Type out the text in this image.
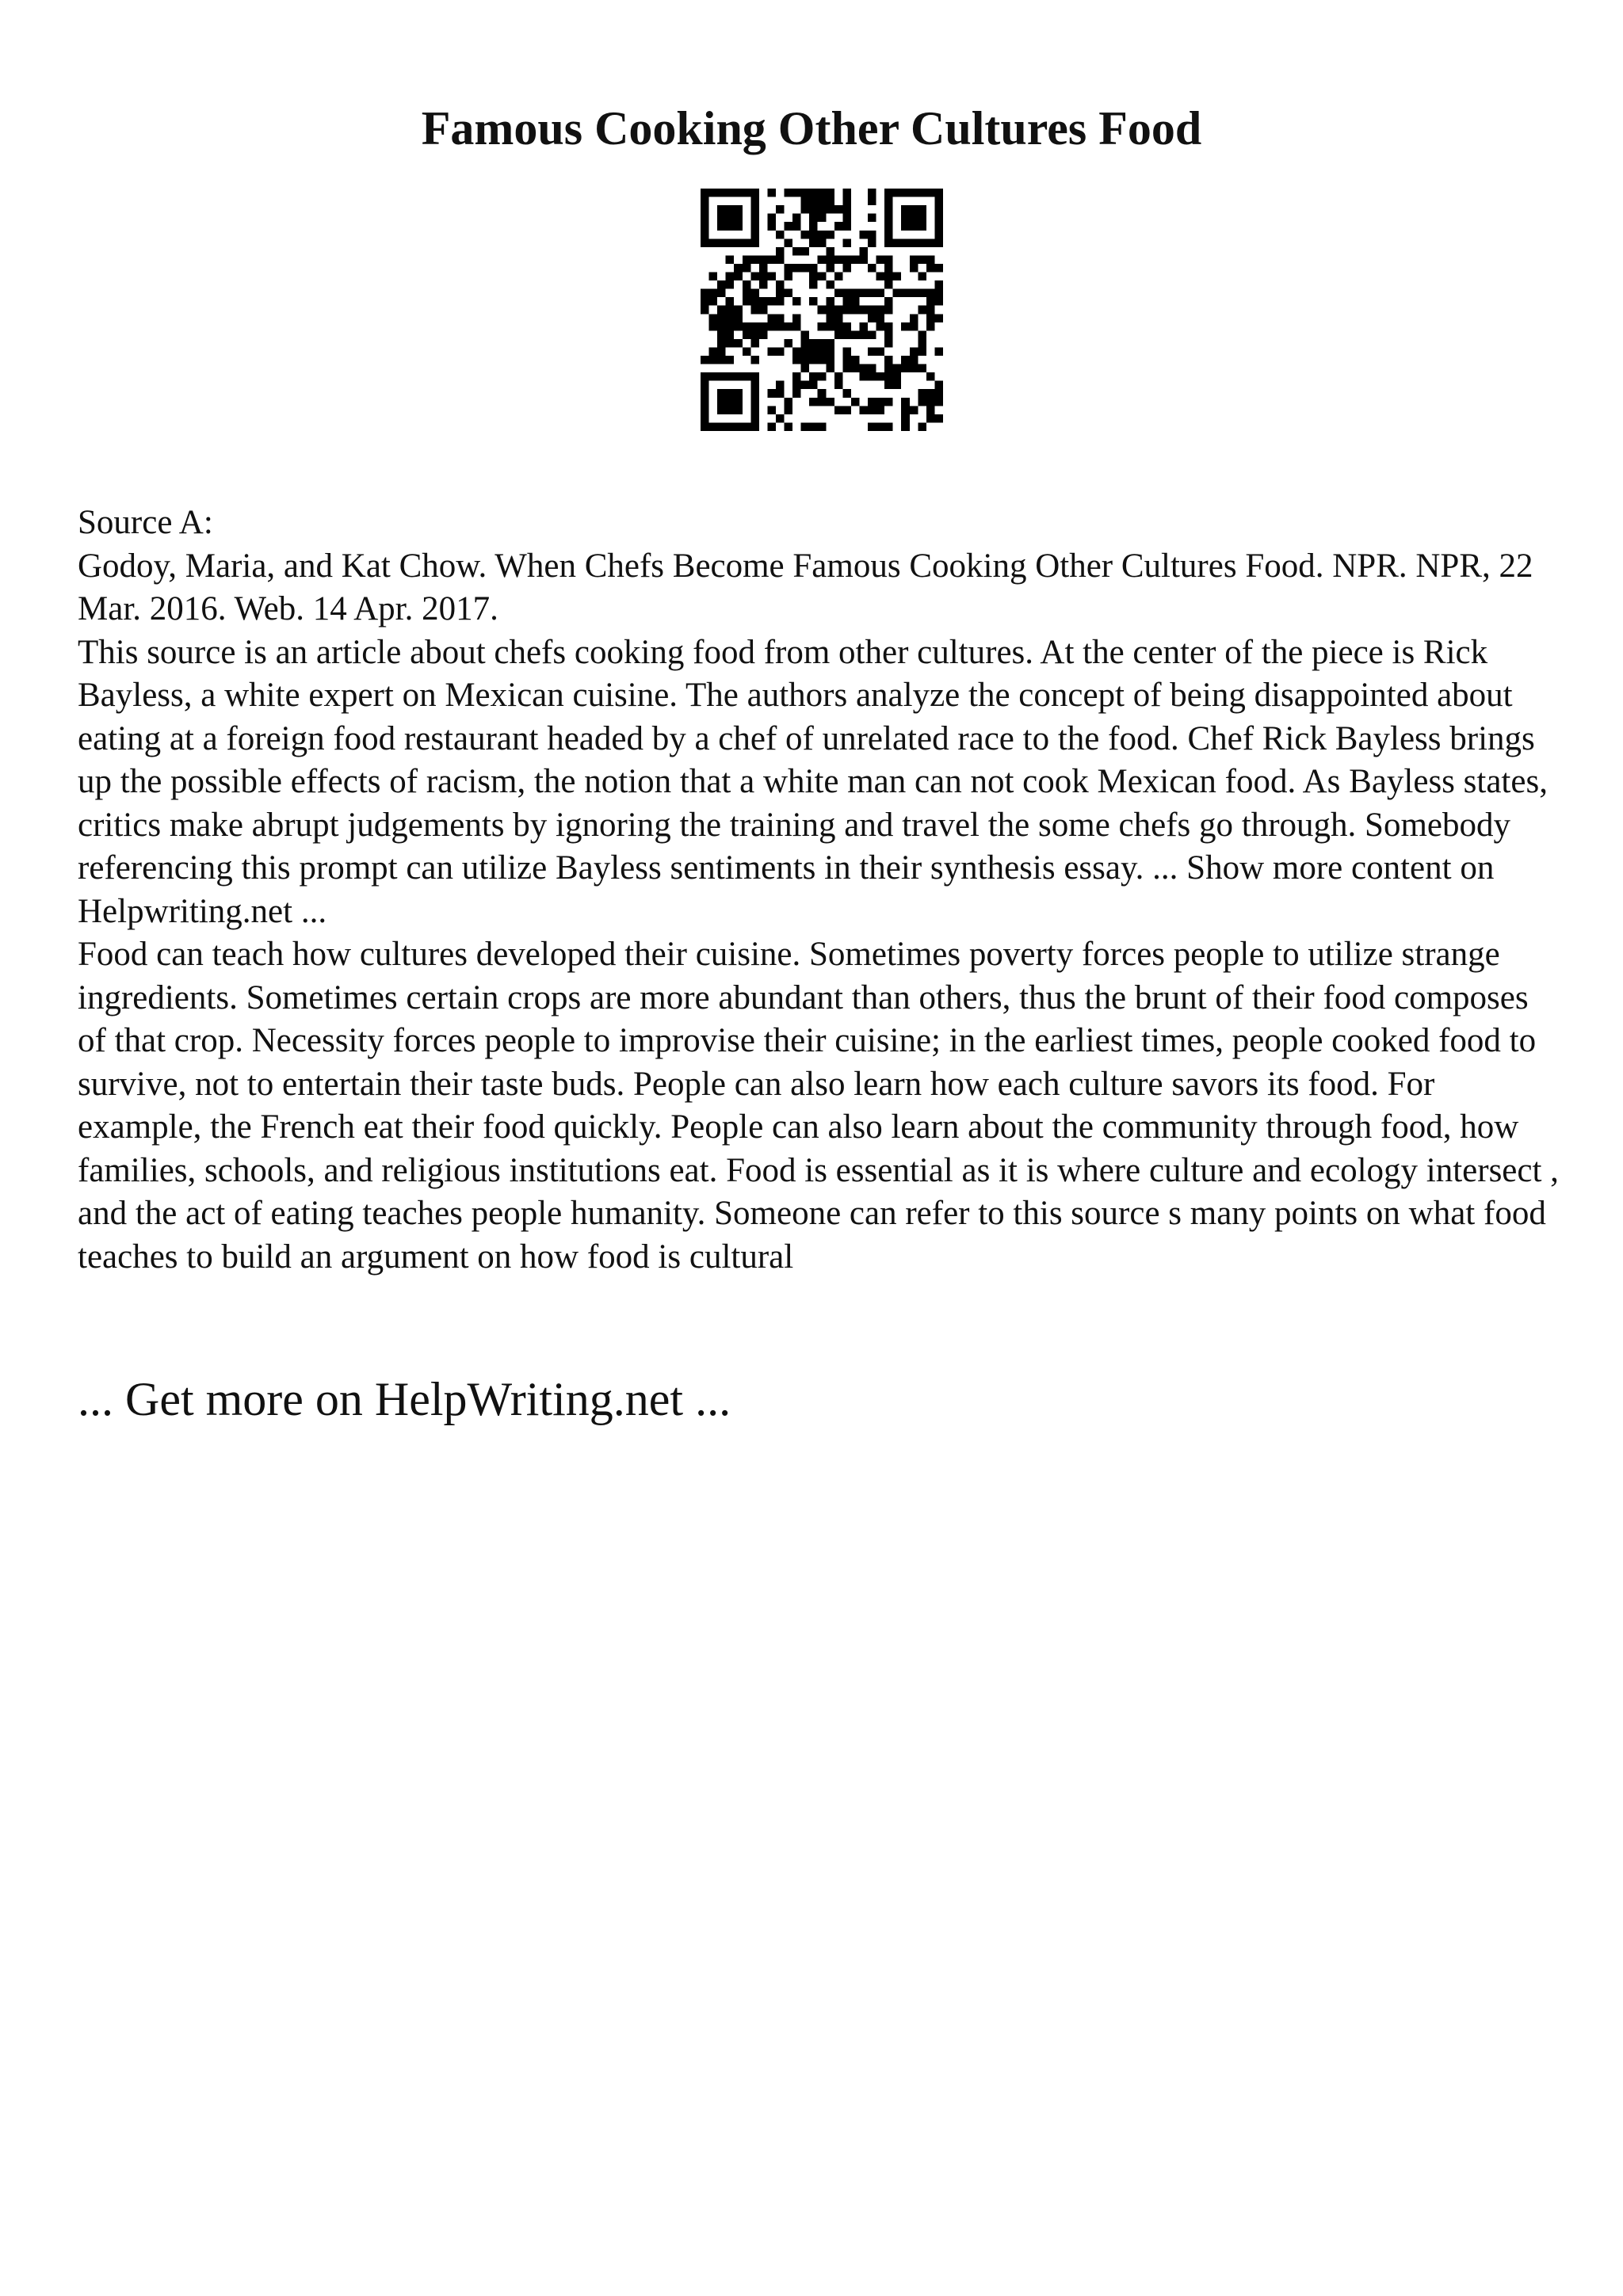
Famous Cooking Other Cultures Food

Source A:

Godoy, Maria, and Kat Chow. When Chefs Become Famous Cooking Other Cultures Food. NPR. NPR, 22 Mar. 2016. Web. 14 Apr. 2017.

This source is an article about chefs cooking food from other cultures. At the center of the piece is Rick Bayless, a white expert on Mexican cuisine. The authors analyze the concept of being disappointed about eating at a foreign food restaurant headed by a chef of unrelated race to the food. Chef Rick Bayless brings up the possible effects of racism, the notion that a white man can not cook Mexican food. As Bayless states, critics make abrupt judgements by ignoring the training and travel the some chefs go through. Somebody referencing this prompt can utilize Bayless sentiments in their synthesis essay. ... Show more content on Helpwriting.net ...

Food can teach how cultures developed their cuisine. Sometimes poverty forces people to utilize strange ingredients. Sometimes certain crops are more abundant than others, thus the brunt of their food composes of that crop. Necessity forces people to improvise their cuisine; in the earliest times, people cooked food to survive, not to entertain their taste buds. People can also learn how each culture savors its food. For example, the French eat their food quickly. People can also learn about the community through food, how families, schools, and religious institutions eat. Food is essential as it is where culture and ecology intersect , and the act of eating teaches people humanity. Someone can refer to this source s many points on what food teaches to build an argument on how food is cultural

... Get more on HelpWriting.net ...
